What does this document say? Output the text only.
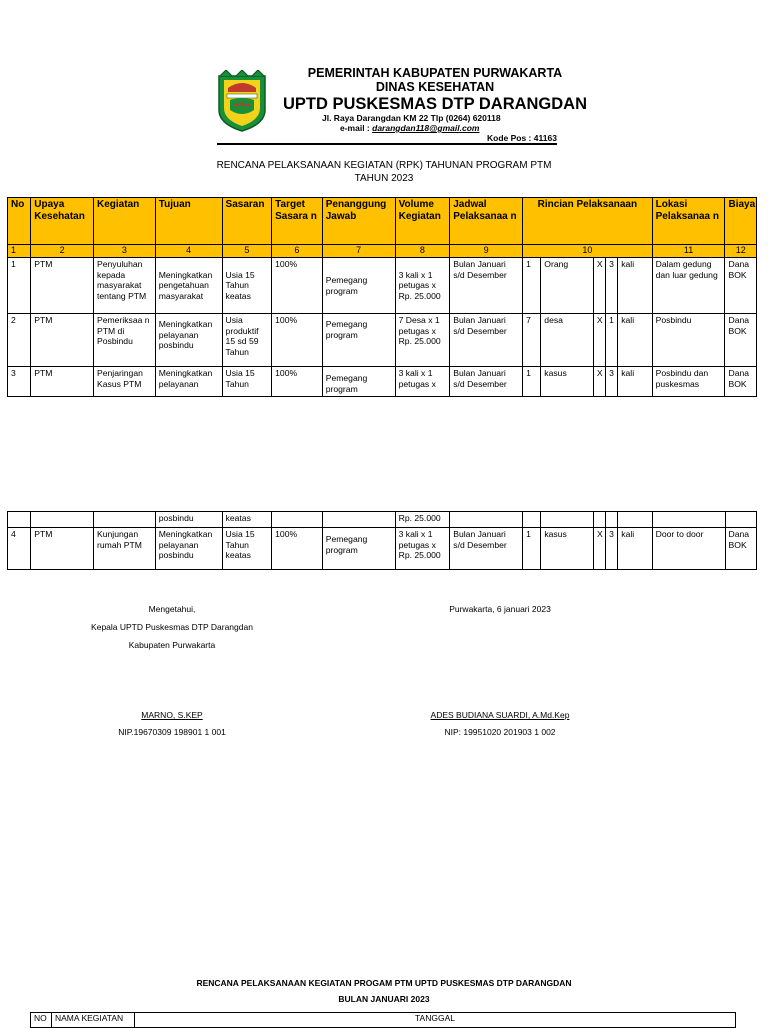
PEMERINTAH KABUPATEN PURWAKARTA
DINAS KESEHATAN
UPTD PUSKESMAS DTP DARANGDAN
Jl. Raya Darangdan KM 22 Tlp (0264) 620118
e-mail : darangdan118@gmail.com
Kode Pos : 41163
RENCANA PELAKSANAAN KEGIATAN (RPK) TAHUNAN PROGRAM PTM
TAHUN 2023
No	Upaya Kesehatan	Kegiatan	Tujuan	Sasaran	Target Sasara n	Penanggung Jawab	Volume Kegiatan	Jadwal Pelaksanaa n	Rincian Pelaksanaan					Lokasi Pelaksanaa n	Biaya
1	2	3	4	5	6	7	8	9	10					11	12
1	PTM	Penyuluhan kepada masyarakat tentang PTM	Meningkatkan pengetahuan masyarakat	Usia 15 Tahun keatas	100%	Pemegang program	3 kali x 1 petugas x Rp. 25.000	Bulan Januari s/d Desember	1	Orang	X	3	kali	Dalam gedung dan luar gedung	Dana BOK
2	PTM	Pemeriksaa n PTM di Posbindu	Meningkatkan pelayanan posbindu	Usia produktif 15 sd 59 Tahun	100%	Pemegang program	7 Desa x 1 petugas x Rp. 25.000	Bulan Januari s/d Desember	7	desa	X	1	kali	Posbindu	Dana BOK
3	PTM	Penjaringan Kasus PTM	Meningkatkan pelayanan	Usia 15 Tahun	100%	Pemegang program	3 kali x 1 petugas x	Bulan Januari s/d Desember	1	kasus	X	3	kali	Posbindu dan puskesmas	Dana BOK
			posbindu	keatas			Rp. 25.000								
4	PTM	Kunjungan rumah PTM	Meningkatkan pelayanan posbindu	Usia 15 Tahun keatas	100%	Pemegang program	3 kali x 1 petugas x Rp. 25.000	Bulan Januari s/d Desember	1	kasus	X	3	kali	Door to door	Dana BOK
Mengetahui,
Kepala UPTD Puskesmas DTP Darangdan
Kabupaten Purwakarta
MARNO, S.KEP
NIP.19670309 198901 1 001
Purwakarta, 6 januari 2023
ADES BUDIANA SUARDI, A.Md.Kep
NIP: 19951020 201903 1 002
RENCANA PELAKSANAAN KEGIATAN PROGAM PTM UPTD PUSKESMAS DTP DARANGDAN
BULAN JANUARI 2023
NO	NAMA KEGIATAN	TANGGAL
